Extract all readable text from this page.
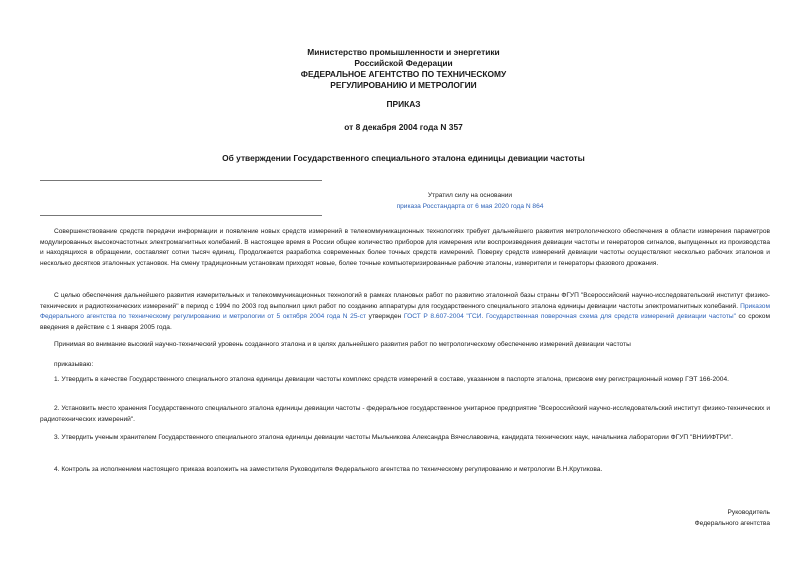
Министерство промышленности и энергетики
Российской Федерации
ФЕДЕРАЛЬНОЕ АГЕНТСТВО ПО ТЕХНИЧЕСКОМУ
РЕГУЛИРОВАНИЮ И МЕТРОЛОГИИ
ПРИКАЗ
от 8 декабря 2004 года N 357
Об утверждении Государственного специального эталона единицы девиации частоты
Утратил силу на основании
приказа Росстандарта от 6 мая 2020 года N 864

Совершенствование средств передачи информации и появление новых средств измерений в телекоммуникационных технологиях требует дальнейшего развития метрологического обеспечения в области измерения параметров модулированных высокочастотных электромагнитных колебаний. В настоящее время в России общее количество приборов для измерения или воспроизведения девиации частоты и генераторов сигналов, выпущенных из производства и находящихся в обращении, составляет сотни тысяч единиц. Продолжается разработка современных более точных средств измерений. Поверку средств измерений девиации частоты осуществляют несколько рабочих эталонов и несколько десятков эталонных установок. На смену традиционным установкам приходят новые, более точные компьютеризированные рабочие эталоны, измерители и генераторы фазового дрожания.

С целью обеспечения дальнейшего развития измерительных и телекоммуникационных технологий в рамках плановых работ по развитию эталонной базы страны ФГУП "Всероссийский научно-исследовательский институт физико-технических и радиотехнических измерений" в период с 1994 по 2003 год выполнил цикл работ по созданию аппаратуры для государственного специального эталона единицы девиации частоты электромагнитных колебаний. Приказом Федерального агентства по техническому регулированию и метрологии от 5 октября 2004 года N 25-ст утвержден ГОСТ Р 8.607-2004 "ГСИ. Государственная поверочная схема для средств измерений девиации частоты" со сроком введения в действие с 1 января 2005 года.

Принимая во внимание высокий научно-технический уровень созданного эталона и в целях дальнейшего развития работ по метрологическому обеспечению измерений девиации частоты

приказываю:

1. Утвердить в качестве Государственного специального эталона единицы девиации частоты комплекс средств измерений в составе, указанном в паспорте эталона, присвоив ему регистрационный номер ГЭТ 166-2004.

2. Установить место хранения Государственного специального эталона единицы девиации частоты - федеральное государственное унитарное предприятие "Всероссийский научно-исследовательский институт физико-технических и радиотехнических измерений".

3. Утвердить ученым хранителем Государственного специального эталона единицы девиации частоты Мыльникова Александра Вячеславовича, кандидата технических наук, начальника лаборатории ФГУП "ВНИИФТРИ".

4. Контроль за исполнением настоящего приказа возложить на заместителя Руководителя Федерального агентства по техническому регулированию и метрологии В.Н.Крутикова.

Руководитель
Федерального агентства
